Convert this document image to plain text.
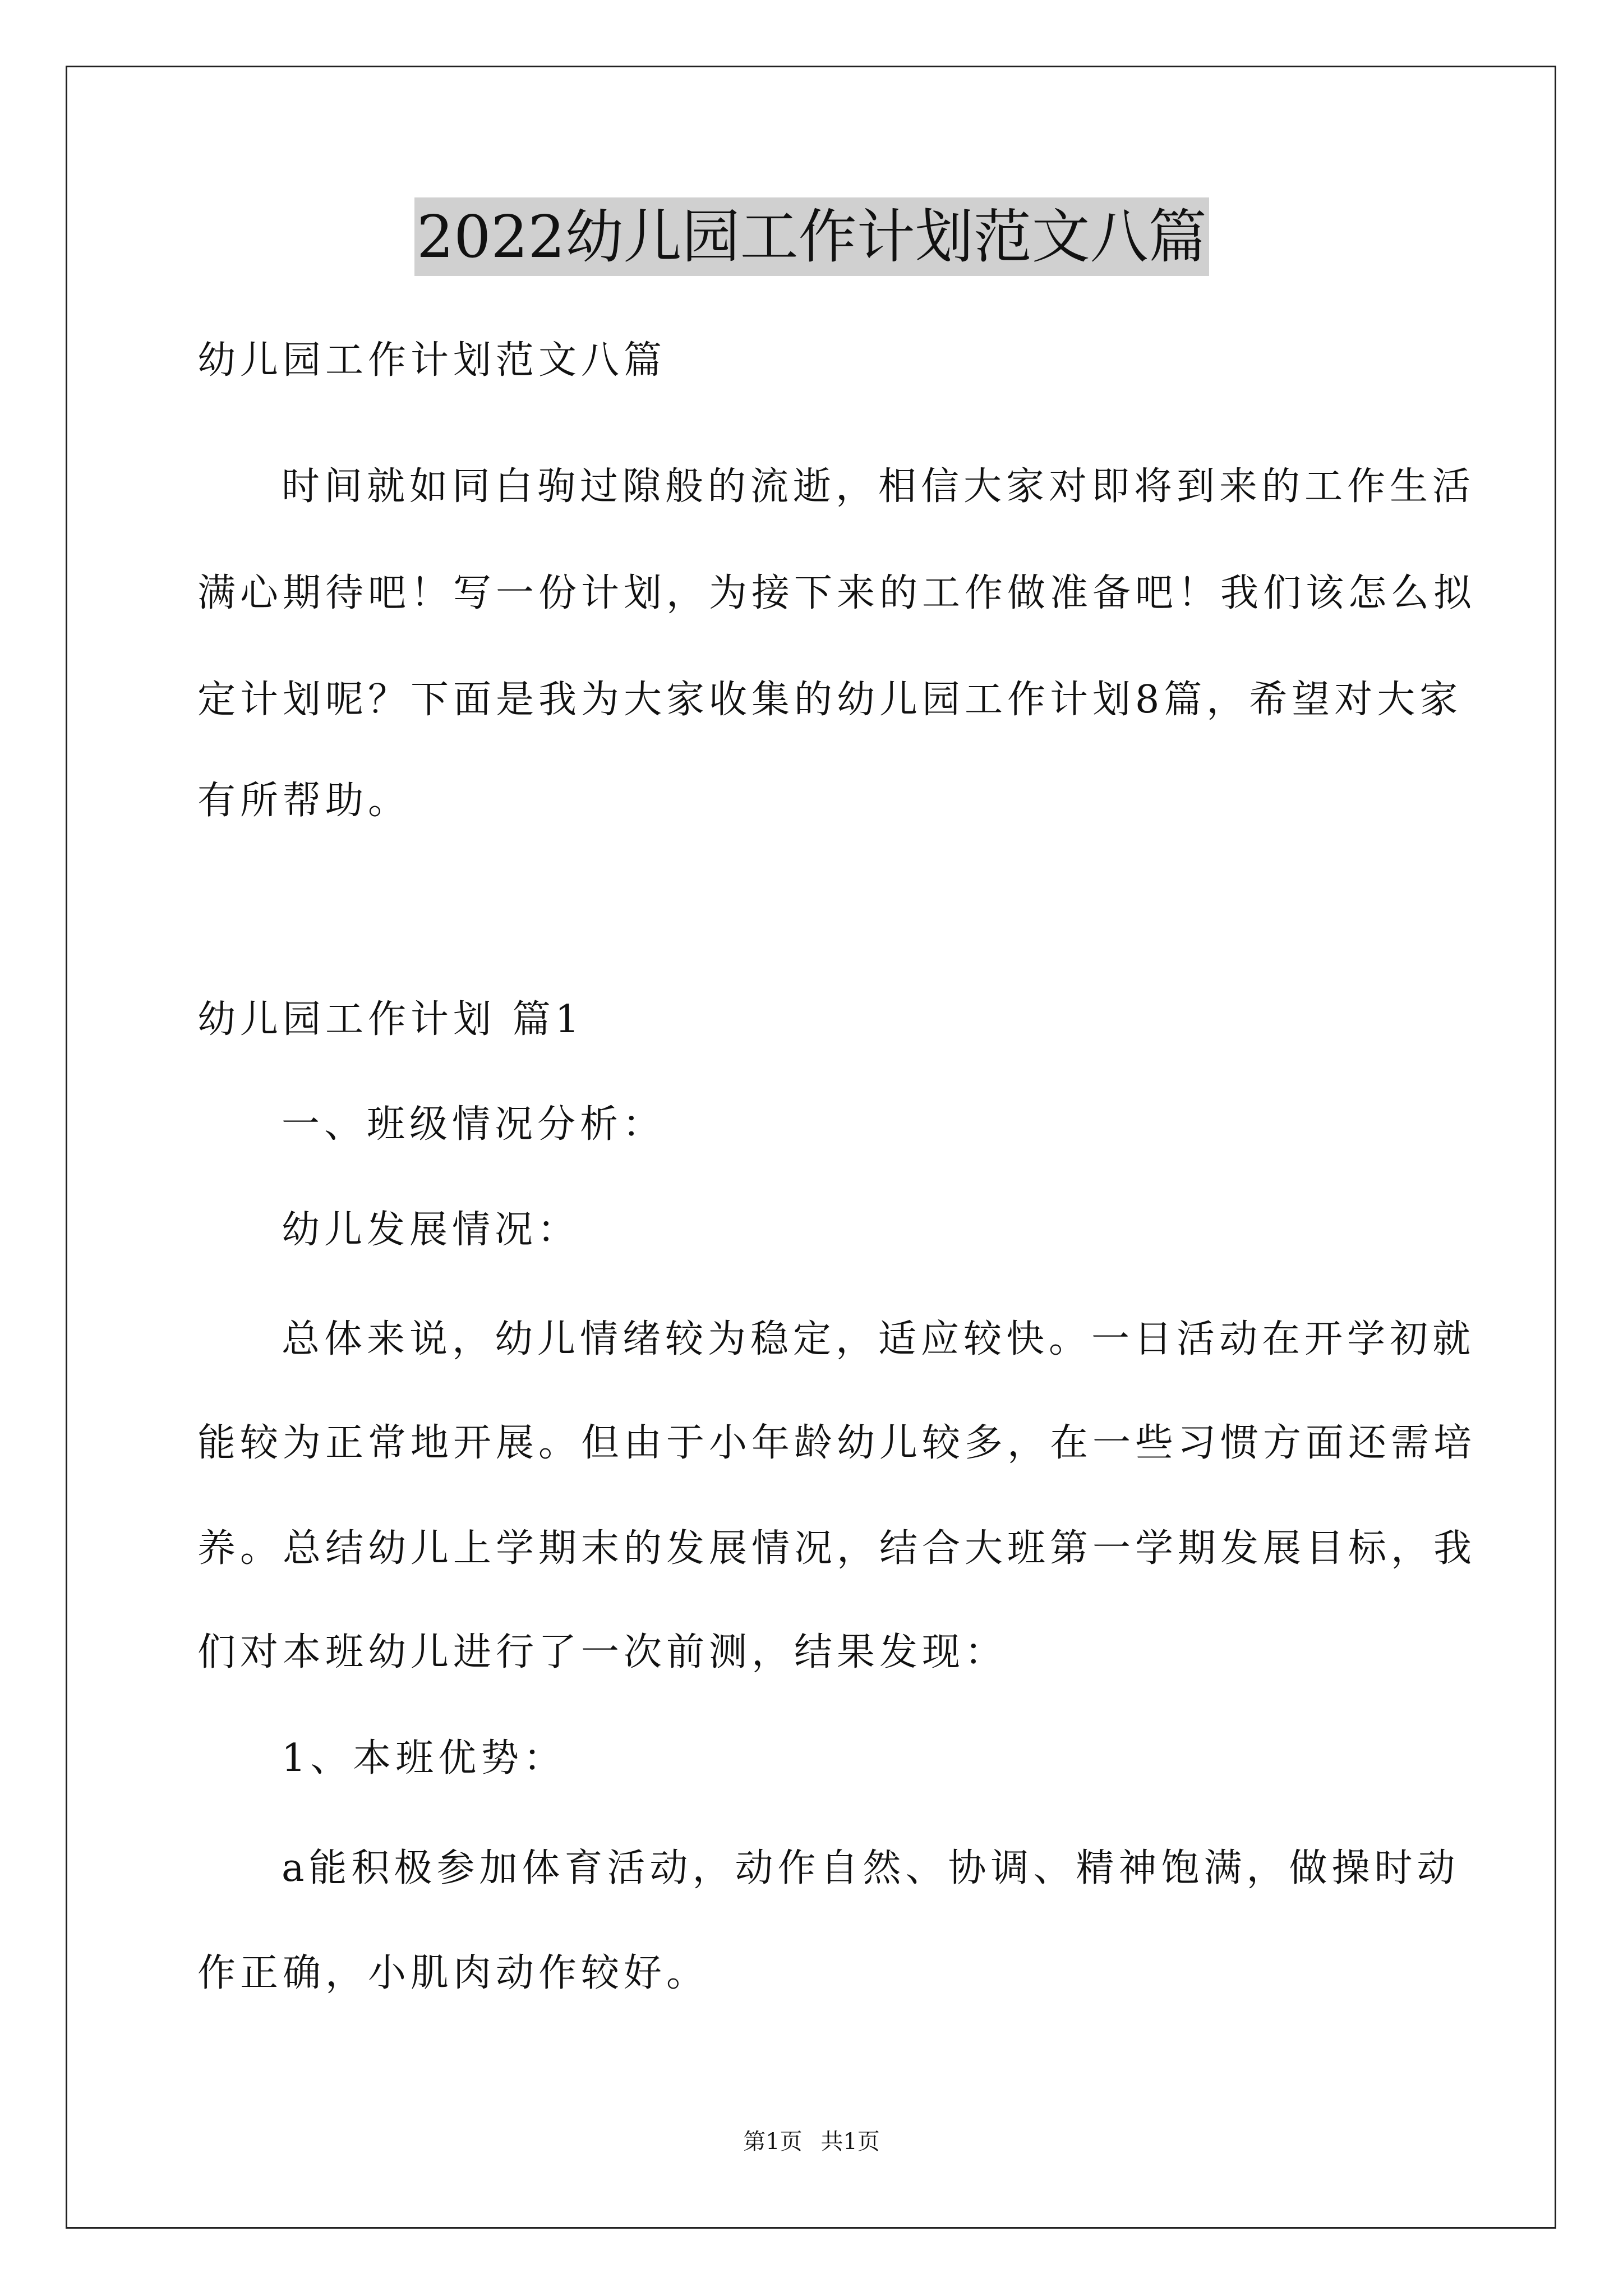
2022幼儿园工作计划范文八篇
幼儿园工作计划范文八篇
时间就如同白驹过隙般的流逝，相信大家对即将到来的工作生活
满心期待吧！写一份计划，为接下来的工作做准备吧！我们该怎么拟
定计划呢？下面是我为大家收集的幼儿园工作计划8篇，希望对大家
有所帮助。
幼儿园工作计划 篇1
一、班级情况分析：
幼儿发展情况：
总体来说，幼儿情绪较为稳定，适应较快。一日活动在开学初就
能较为正常地开展。但由于小年龄幼儿较多，在一些习惯方面还需培
养。总结幼儿上学期末的发展情况，结合大班第一学期发展目标，我
们对本班幼儿进行了一次前测，结果发现：
1、本班优势：
a能积极参加体育活动，动作自然、协调、精神饱满，做操时动
作正确，小肌肉动作较好。
第1页 共1页
